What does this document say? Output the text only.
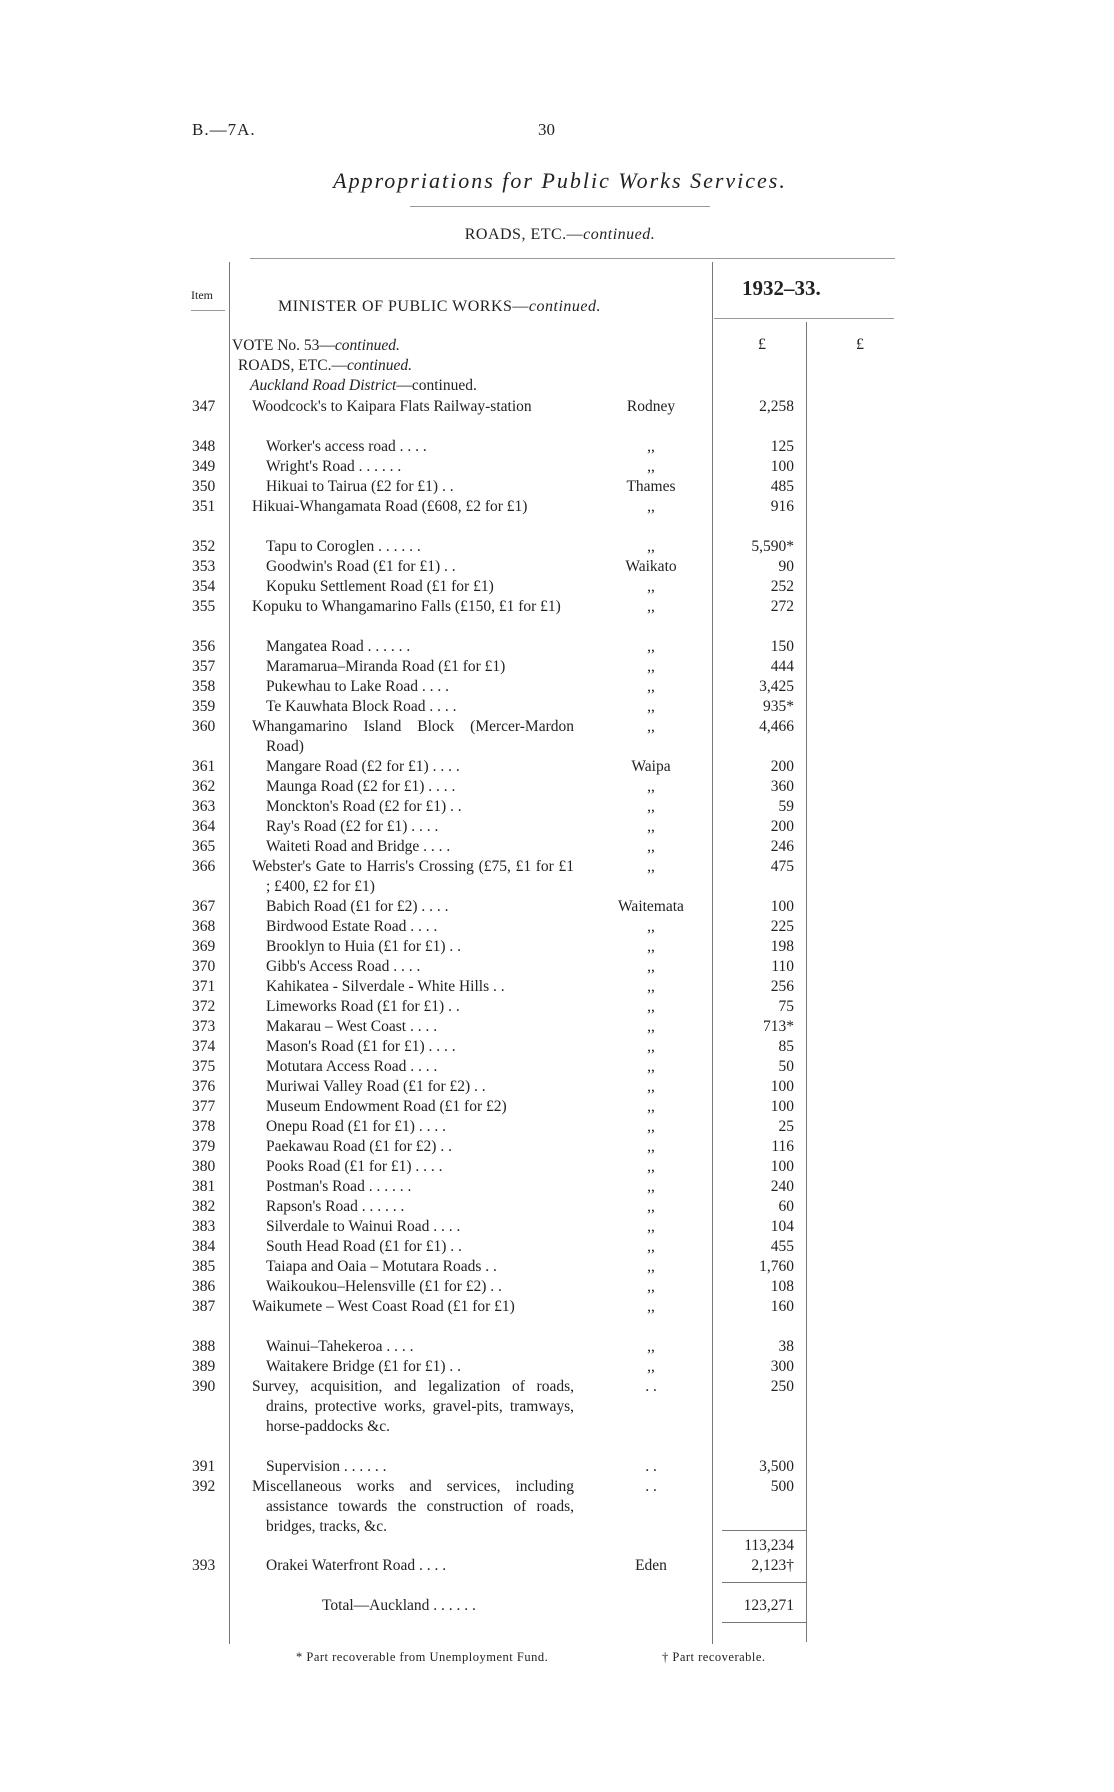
B.—7A.	30
Appropriations for Public Works Services.
ROADS, ETC.—continued.
Item
MINISTER OF PUBLIC WORKS—continued.
1932–33.
£	£
VOTE No. 53—continued.
ROADS, ETC.—continued.
Auckland Road District—continued.
347	Woodcock's to Kaipara Flats Railway-station	Rodney	2,258
348	Worker's access road . . . .	,,	125
349	Wright's Road . . . . . .	,,	100
350	Hikuai to Tairua (£2 for £1) . .	Thames	485
351	Hikuai-Whangamata Road (£608, £2 for £1)	,,	916
352	Tapu to Coroglen . . . . . .	,,	5,590*
353	Goodwin's Road (£1 for £1) . .	Waikato	90
354	Kopuku Settlement Road (£1 for £1)	,,	252
355	Kopuku to Whangamarino Falls (£150, £1 for £1)	,,	272
356	Mangatea Road . . . . . .	,,	150
357	Maramarua–Miranda Road (£1 for £1)	,,	444
358	Pukewhau to Lake Road . . . .	,,	3,425
359	Te Kauwhata Block Road . . . .	,,	935*
360	Whangamarino Island Block (Mercer-Mardon Road)
,,	4,466
361	Mangare Road (£2 for £1) . . . .	Waipa	200
362	Maunga Road (£2 for £1) . . . .	,,	360
363	Monckton's Road (£2 for £1) . .	,,	59
364	Ray's Road (£2 for £1) . . . .	,,	200
365	Waiteti Road and Bridge . . . .	,,	246
366	Webster's Gate to Harris's Crossing (£75, £1 for £1 ; £400, £2 for £1)
,,	475
367	Babich Road (£1 for £2) . . . .	Waitemata	100
368	Birdwood Estate Road . . . .	,,	225
369	Brooklyn to Huia (£1 for £1) . .	,,	198
370	Gibb's Access Road . . . .	,,	110
371	Kahikatea - Silverdale - White Hills . .	,,	256
372	Limeworks Road (£1 for £1) . .	,,	75
373	Makarau – West Coast . . . .	,,	713*
374	Mason's Road (£1 for £1) . . . .	,,	85
375	Motutara Access Road . . . .	,,	50
376	Muriwai Valley Road (£1 for £2) . .	,,	100
377	Museum Endowment Road (£1 for £2)	,,	100
378	Onepu Road (£1 for £1) . . . .	,,	25
379	Paekawau Road (£1 for £2) . .	,,	116
380	Pooks Road (£1 for £1) . . . .	,,	100
381	Postman's Road . . . . . .	,,	240
382	Rapson's Road . . . . . .	,,	60
383	Silverdale to Wainui Road . . . .	,,	104
384	South Head Road (£1 for £1) . .	,,	455
385	Taiapa and Oaia – Motutara Roads . .	,,	1,760
386	Waikoukou–Helensville (£1 for £2) . .	,,	108
387	Waikumete – West Coast Road (£1 for £1)	,,	160
388	Wainui–Tahekeroa . . . .	,,	38
389	Waitakere Bridge (£1 for £1) . .	,,	300
390	Survey, acquisition, and legalization of roads, drains, protective works, gravel-pits, tramways, horse-paddocks &c.
. .	250
391	Supervision . . . . . .	. .	3,500
392	Miscellaneous works and services, including assistance towards the construction of roads, bridges, tracks, &c.
. .	500
113,234
393	Orakei Waterfront Road . . . .	Eden	2,123†
Total—Auckland . . . . . .	123,271
* Part recoverable from Unemployment Fund.	† Part recoverable.
